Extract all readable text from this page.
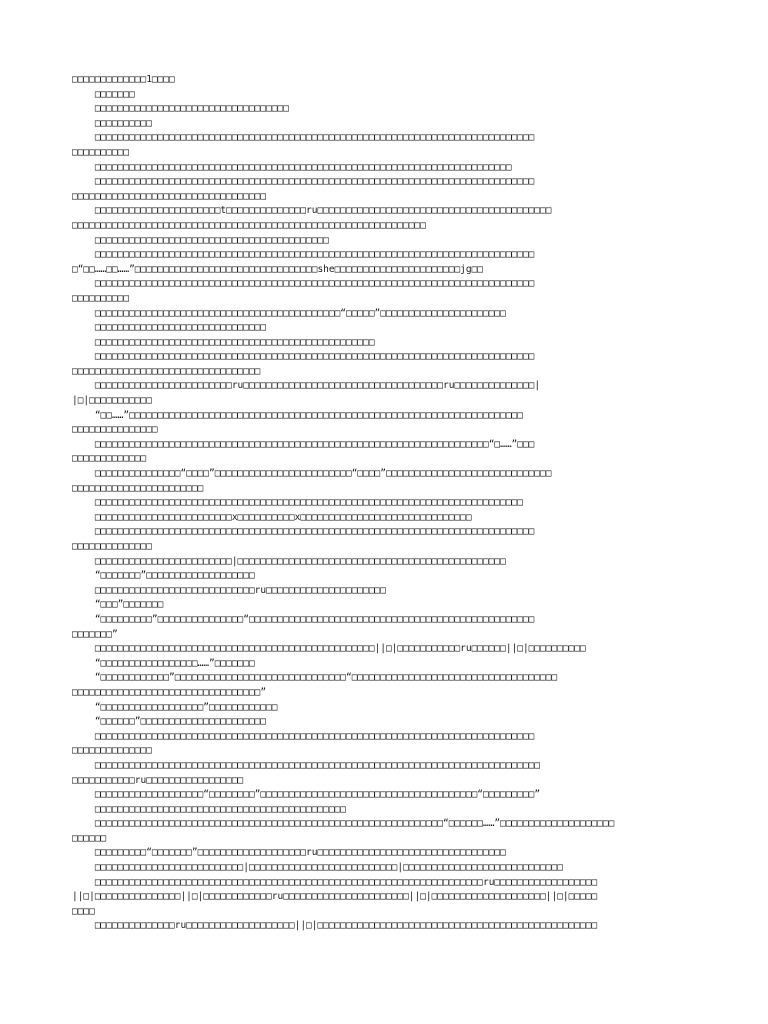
□□□□□□□□□□□□□1□□□□
□□□□□□□
□□□□□□□□□□□□□□□□□□□□□□□□□□□□□□□□□□
□□□□□□□□□□
□□□□□□□□□□□□□□□□□□□□□□□□□□□□□□□□□□□□□□□□□□□□□□□□□□□□□□□□□□□□□□□□□□□□□□□□□□□□□
□□□□□□□□□□
□□□□□□□□□□□□□□□□□□□□□□□□□□□□□□□□□□□□□□□□□□□□□□□□□□□□□□□□□□□□□□□□□□□□□□□□□
□□□□□□□□□□□□□□□□□□□□□□□□□□□□□□□□□□□□□□□□□□□□□□□□□□□□□□□□□□□□□□□□□□□□□□□□□□□□□
□□□□□□□□□□□□□□□□□□□□□□□□□□□□□□□□□□
□□□□□□□□□□□□□□□□□□□□□□t□□□□□□□□□□□□□□ru□□□□□□□□□□□□□□□□□□□□□□□□□□□□□□□□□□□□□□□□□
□□□□□□□□□□□□□□□□□□□□□□□□□□□□□□□□□□□□□□□□□□□□□□□□□□□□□□□□□□□□□□
□□□□□□□□□□□□□□□□□□□□□□□□□□□□□□□□□□□□□□□□□
□□□□□□□□□□□□□□□□□□□□□□□□□□□□□□□□□□□□□□□□□□□□□□□□□□□□□□□□□□□□□□□□□□□□□□□□□□□□□
□“□□……□□……”□□□□□□□□□□□□□□□□□□□□□□□□□□□□□□□□she□□□□□□□□□□□□□□□□□□□□□□jg□□
□□□□□□□□□□□□□□□□□□□□□□□□□□□□□□□□□□□□□□□□□□□□□□□□□□□□□□□□□□□□□□□□□□□□□□□□□□□□□
□□□□□□□□□□
□□□□□□□□□□□□□□□□□□□□□□□□□□□□□□□□□□□□□□□□□□□“□□□□□”□□□□□□□□□□□□□□□□□□□□□□
□□□□□□□□□□□□□□□□□□□□□□□□□□□□□□
□□□□□□□□□□□□□□□□□□□□□□□□□□□□□□□□□□□□□□□□□□□□□□□□□
□□□□□□□□□□□□□□□□□□□□□□□□□□□□□□□□□□□□□□□□□□□□□□□□□□□□□□□□□□□□□□□□□□□□□□□□□□□□□
□□□□□□□□□□□□□□□□□□□□□□□□□□□□□□□□□
□□□□□□□□□□□□□□□□□□□□□□□□ru□□□□□□□□□□□□□□□□□□□□□□□□□□□□□□□□□□□ru□□□□□□□□□□□□□□|
|□|□□□□□□□□□□□
“□□……”□□□□□□□□□□□□□□□□□□□□□□□□□□□□□□□□□□□□□□□□□□□□□□□□□□□□□□□□□□□□□□□□□□□□□
□□□□□□□□□□□□□□□
□□□□□□□□□□□□□□□□□□□□□□□□□□□□□□□□□□□□□□□□□□□□□□□□□□□□□□□□□□□□□□□□□□□□□“□……”□□□
□□□□□□□□□□□□□
□□□□□□□□□□□□□□□“□□□□”□□□□□□□□□□□□□□□□□□□□□□□□“□□□□”□□□□□□□□□□□□□□□□□□□□□□□□□□□□□
□□□□□□□□□□□□□□□□□□□□□□□
□□□□□□□□□□□□□□□□□□□□□□□□□□□□□□□□□□□□□□□□□□□□□□□□□□□□□□□□□□□□□□□□□□□□□□□□□□□
□□□□□□□□□□□□□□□□□□□□□□□□x□□□□□□□□□□x□□□□□□□□□□□□□□□□□□□□□□□□□□□□□□
□□□□□□□□□□□□□□□□□□□□□□□□□□□□□□□□□□□□□□□□□□□□□□□□□□□□□□□□□□□□□□□□□□□□□□□□□□□□□
□□□□□□□□□□□□□□
□□□□□□□□□□□□□□□□□□□□□□□□|□□□□□□□□□□□□□□□□□□□□□□□□□□□□□□□□□□□□□□□□□□□□□□□
“□□□□□□□”□□□□□□□□□□□□□□□□□□□
□□□□□□□□□□□□□□□□□□□□□□□□□□□□ru□□□□□□□□□□□□□□□□□□□□□
“□□□”□□□□□□□
“□□□□□□□□□”□□□□□□□□□□□□□□□“□□□□□□□□□□□□□□□□□□□□□□□□□□□□□□□□□□□□□□□□□□□□□□□□□□
□□□□□□□”
□□□□□□□□□□□□□□□□□□□□□□□□□□□□□□□□□□□□□□□□□□□□□□□□□||□|□□□□□□□□□□□ru□□□□□□||□|□□□□□□□□□□
“□□□□□□□□□□□□□□□□□……”□□□□□□□
“□□□□□□□□□□□□”□□□□□□□□□□□□□□□□□□□□□□□□□□□□□□“□□□□□□□□□□□□□□□□□□□□□□□□□□□□□□□□□□□□
□□□□□□□□□□□□□□□□□□□□□□□□□□□□□□□□□”
“□□□□□□□□□□□□□□□□□□”□□□□□□□□□□□□
“□□□□□□”□□□□□□□□□□□□□□□□□□□□□□
□□□□□□□□□□□□□□□□□□□□□□□□□□□□□□□□□□□□□□□□□□□□□□□□□□□□□□□□□□□□□□□□□□□□□□□□□□□□□
□□□□□□□□□□□□□□
□□□□□□□□□□□□□□□□□□□□□□□□□□□□□□□□□□□□□□□□□□□□□□□□□□□□□□□□□□□□□□□□□□□□□□□□□□□□□□
□□□□□□□□□□□ru□□□□□□□□□□□□□□□□□
□□□□□□□□□□□□□□□□□□□“□□□□□□□□”□□□□□□□□□□□□□□□□□□□□□□□□□□□□□□□□□□□□□□“□□□□□□□□□”
□□□□□□□□□□□□□□□□□□□□□□□□□□□□□□□□□□□□□□□□□□□□
□□□□□□□□□□□□□□□□□□□□□□□□□□□□□□□□□□□□□□□□□□□□□□□□□□□□□□□□□□□□□“□□□□□□……”□□□□□□□□□□□□□□□□□□□□
□□□□□□
□□□□□□□□□“□□□□□□□”□□□□□□□□□□□□□□□□□□□ru□□□□□□□□□□□□□□□□□□□□□□□□□□□□□□□□□
□□□□□□□□□□□□□□□□□□□□□□□□□□|□□□□□□□□□□□□□□□□□□□□□□□□□□|□□□□□□□□□□□□□□□□□□□□□□□□□□□□
□□□□□□□□□□□□□□□□□□□□□□□□□□□□□□□□□□□□□□□□□□□□□□□□□□□□□□□□□□□□□□□□□□□□ru□□□□□□□□□□□□□□□□□□
||□|□□□□□□□□□□□□□□□||□|□□□□□□□□□□□□ru□□□□□□□□□□□□□□□□□□□□□□||□|□□□□□□□□□□□□□□□□□□□□||□|□□□□□
□□□□
□□□□□□□□□□□□□□ru□□□□□□□□□□□□□□□□□□□||□|□□□□□□□□□□□□□□□□□□□□□□□□□□□□□□□□□□□□□□□□□□□□□□□□□
